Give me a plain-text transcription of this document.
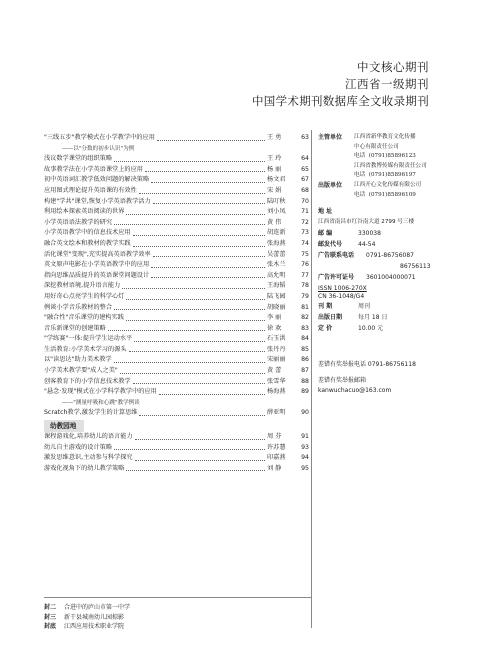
中文核心期刊
江西省一级期刊
中国学术期刊数据库全文收录期刊
"三线五步"教学模式在小学教学中的应用	王 勇	63
——以"分数的初步认识"为例
浅议数学课堂的组织策略	王 玲	64
故事教学法在小学英语课堂上的应用	杨 丽	65
初中英语词汇教学低效问题的解决策略	杨文君	67
应用图式理论提升英语课的有效性	宋 娟	68
构建"学共"课堂,恢复小学英语教学活力	陆叮秋	70
利用绘本探索英语阅读的世界	刘小凤	71
小学英语语法教学的研究	黄 伟	72
小学英语教学中的信息技术应用	胡连新	73
融合英文绘本和教材的教学实践	张海燕	74
活化课堂"变现",充实提高英语教学效率	吴蕾蕾	75
英文原声电影在小学英语教学中的应用	张木兰	76
指向思维品质提升的英语课堂问题设计	高允明	77
深挖教材语境,提升语言能力	王海韬	78
用好奇心点亮学生的科学心灯	陆飞园	79
例谈小学音乐教材的整合	胡晓丽	81
"融合性"音乐课堂的建构实践	李 丽	82
音乐新课堂的创建策略	徐 欢	83
"学练赛"一体:提升学生运动水平	石玉洪	84
生活教育:小学美术学习的源头	张丹丹	85
以"读思达"助力美术教学	宋丽丽	86
小学美术教学要"成人之美"	黄 蕾	87
创客教育下的小学信息技术教学	张雪华	88
"悬念·发现"模式在小学科学教学中的应用	杨海燕	89
——"测量呼吸和心跳"教学例谈
Scratch教学,激发学生的计算思维	薛亚明	90
幼教园地
课程游戏化,培养幼儿的语言能力	周 芬	91
幼儿自主游戏的设计策略	许苏慧	93
激发思维意识,主动参与科学探究	印嘉燕	94
游戏化视角下的幼儿教学策略	刘 静	95
主管单位	江西省新华教育文化传播
中心有限责任公司
电话 (0791)85896123
江西省教博传媒有限责任公司
电话 (0791)85896197
出版单位	江西开心文化传媒有限公司
电话 (0791)85896109
地 址
江西省南昌市红谷南大道 2799 号三楼
邮 编	330038
邮发代号	44-54
广告联系电话	0791-86756087
86756113
广告许可证号	3601004000071
ISSN 1006-270X
CN 36-1048/G4
刊 期	周刊
出版日期	每月 18 日
定 价	10.00 元
差错有奖举报电话 0791-86756118
差错有奖举报邮箱
kanwuchacuo@163.com
封二	合进中的庐山市第一中学
封三	新干县城南幼儿园掠影
封底	江西应用技术职业学院
